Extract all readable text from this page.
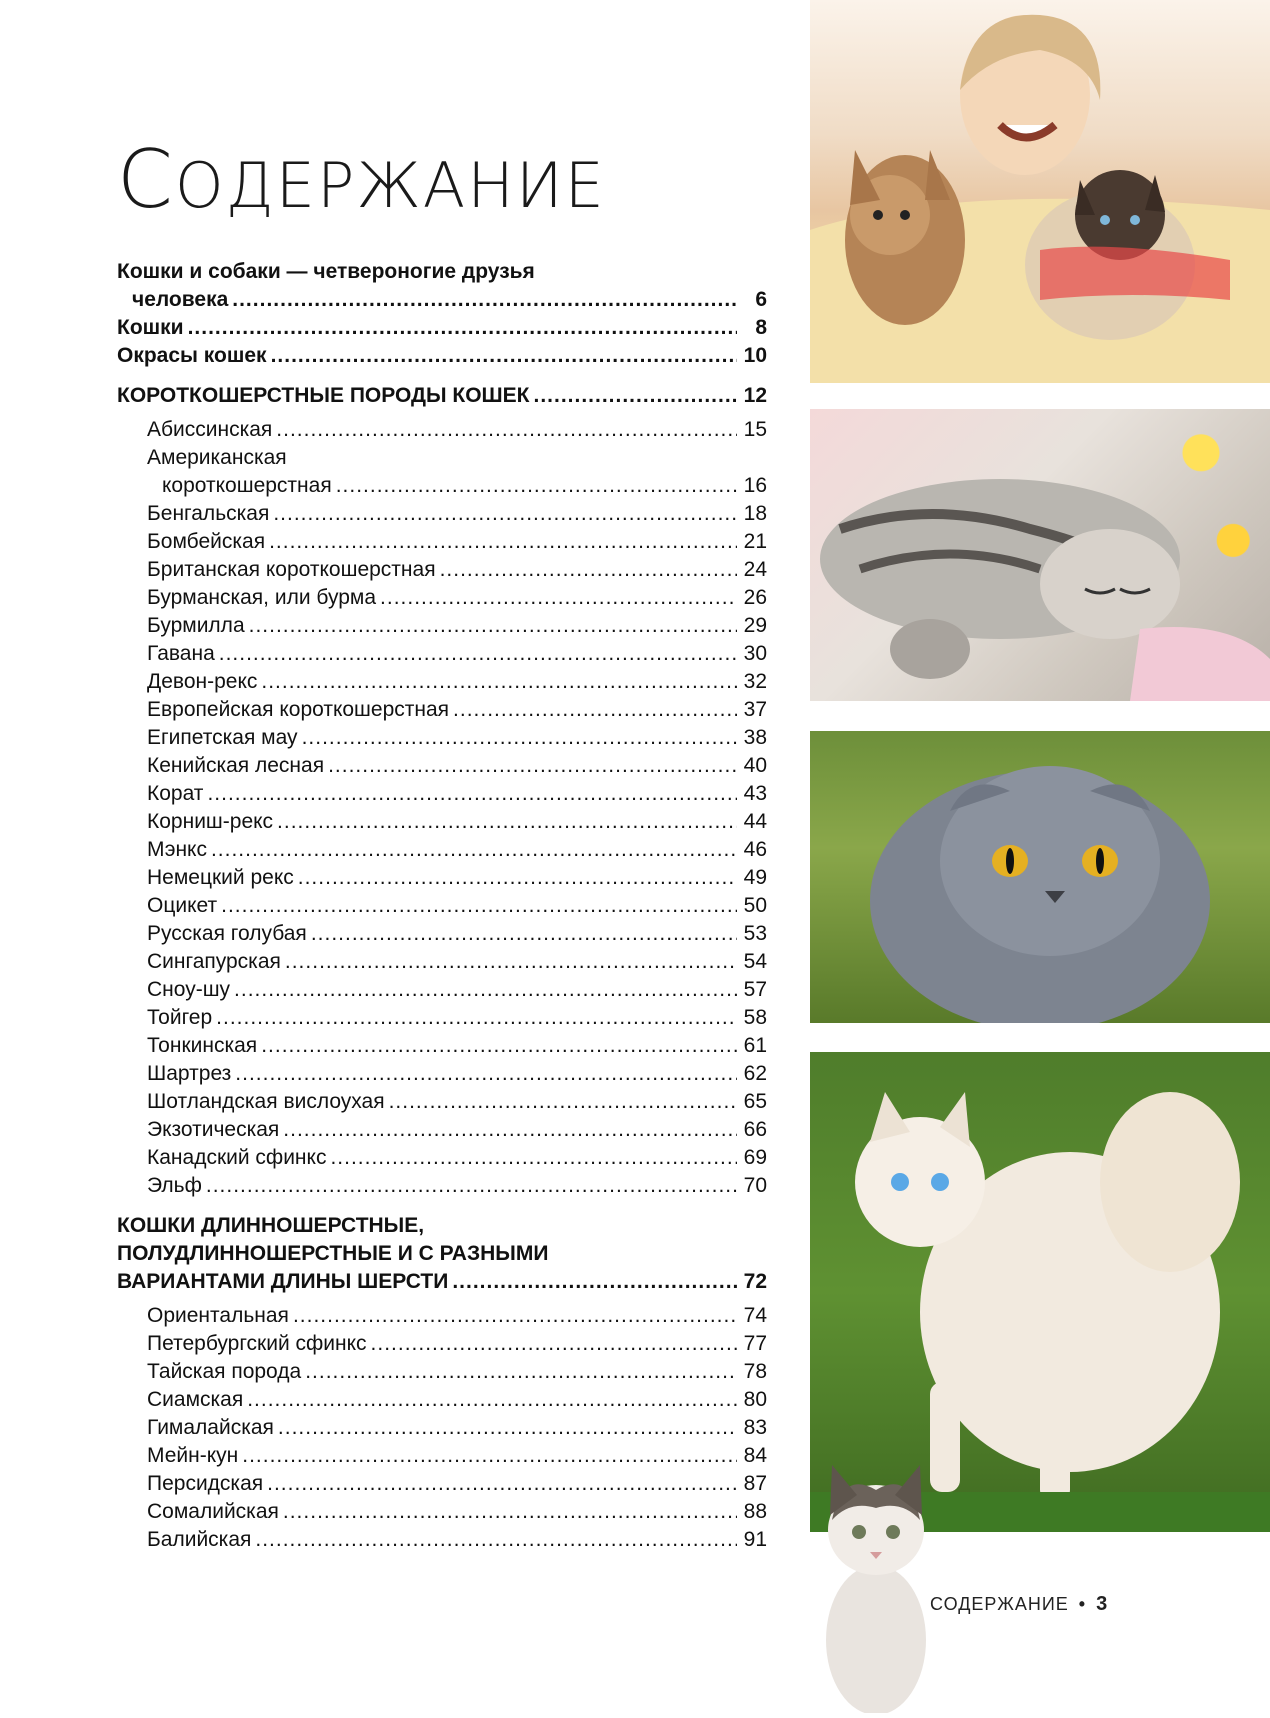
СОДЕРЖАНИЕ
Кошки и собаки — четвероногие друзья
человека .....	6
Кошки .....	8
Окрасы кошек .....	10
КОРОТКОШЕРСТНЫЕ ПОРОДЫ КОШЕК .....	12
Абиссинская .....	15
Американская
короткошерстная .....	16
Бенгальская .....	18
Бомбейская .....	21
Британская короткошерстная .....	24
Бурманская, или бурма .....	26
Бурмилла .....	29
Гавана .....	30
Девон-рекс .....	32
Европейская короткошерстная .....	37
Египетская мау .....	38
Кенийская лесная .....	40
Корат .....	43
Корниш-рекс .....	44
Мэнкс .....	46
Немецкий рекс .....	49
Оцикет .....	50
Русская голубая .....	53
Сингапурская .....	54
Сноу-шу .....	57
Тойгер .....	58
Тонкинская .....	61
Шартрез .....	62
Шотландская вислоухая .....	65
Экзотическая .....	66
Канадский сфинкс .....	69
Эльф .....	70
КОШКИ ДЛИННОШЕРСТНЫЕ,
ПОЛУДЛИННОШЕРСТНЫЕ И С РАЗНЫМИ
ВАРИАНТАМИ ДЛИНЫ ШЕРСТИ .....	72
Ориентальная .....	74
Петербургский сфинкс .....	77
Тайская порода .....	78
Сиамская .....	80
Гималайская .....	83
Мейн-кун .....	84
Персидская .....	87
Сомалийская .....	88
Балийская .....	91
СОДЕРЖАНИЕ • 3
